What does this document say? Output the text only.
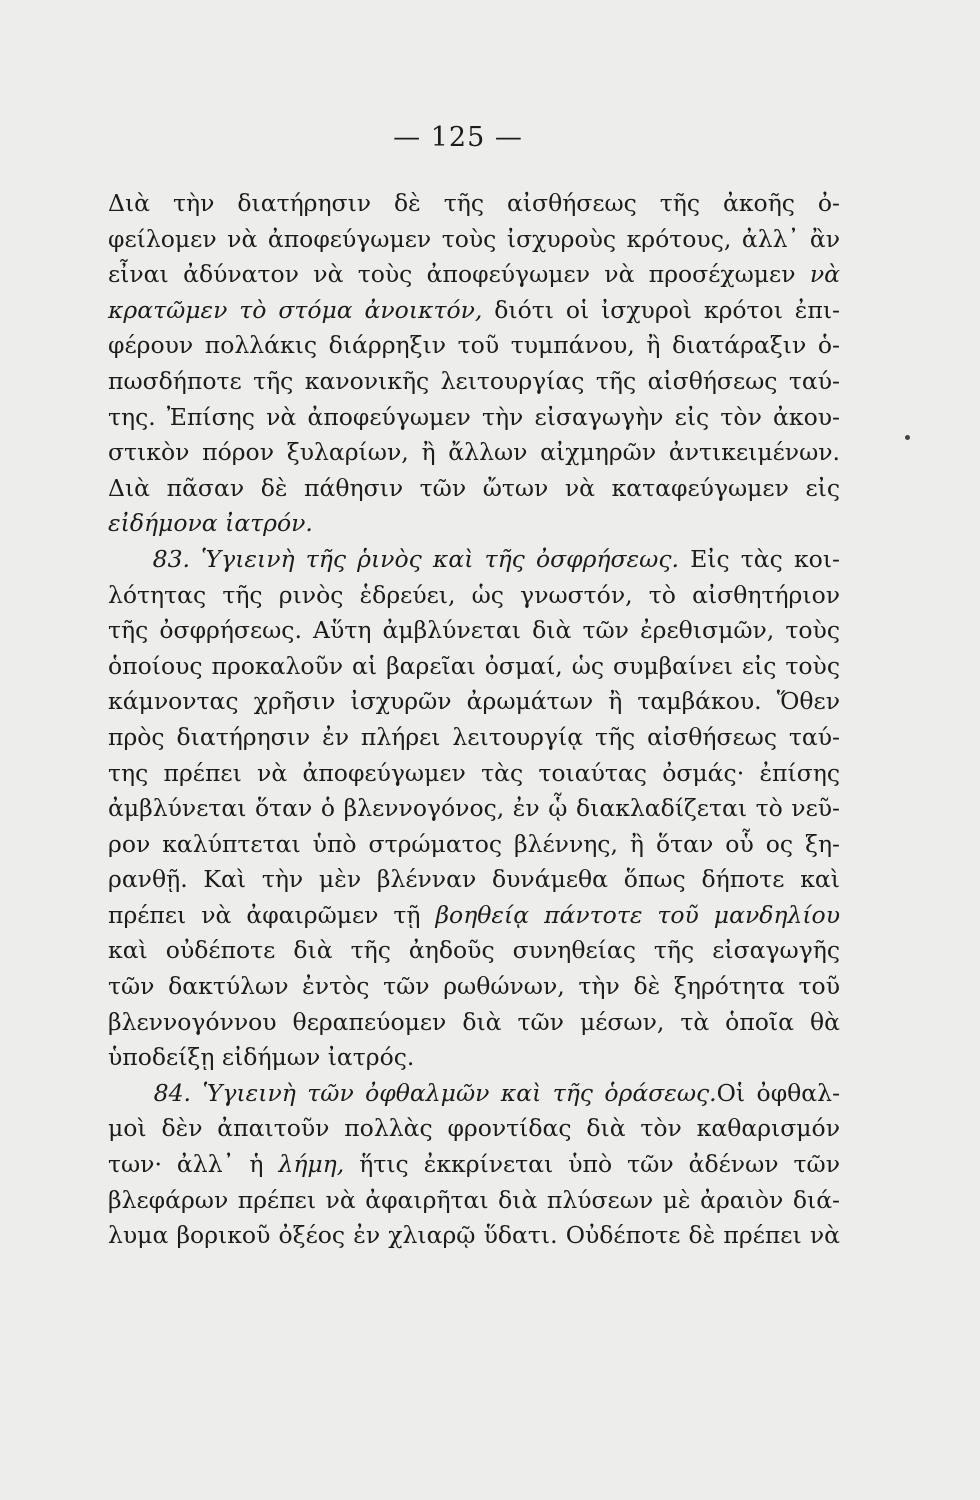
— 125 —
Διὰ τὴν διατήρησιν δὲ τῆς αἰσθήσεως τῆς ἀκοῆς ὀ-
φείλομεν νὰ ἀποφεύγωμεν τοὺς ἰσχυροὺς κρότους, ἀλλ᾿ ἂν
εἶναι ἀδύνατον νὰ τοὺς ἀποφεύγωμεν νὰ προσέχωμεν νὰ
κρατῶμεν τὸ στόμα ἀνοικτόν, διότι οἱ ἰσχυροὶ κρότοι ἐπι-
φέρουν πολλάκις διάρρηξιν τοῦ τυμπάνου, ἢ διατάραξιν ὁ-
πωσδήποτε τῆς κανονικῆς λειτουργίας τῆς αἰσθήσεως ταύ-
της. Ἐπίσης νὰ ἀποφεύγωμεν τὴν εἰσαγωγὴν εἰς τὸν ἀκου-
στικὸν πόρον ξυλαρίων, ἢ ἄλλων αἰχμηρῶν ἀντικειμένων.
Διὰ πᾶσαν δὲ πάθησιν τῶν ὤτων νὰ καταφεύγωμεν εἰς
εἰδήμονα ἰατρόν.
83. Ὑγιεινὴ τῆς ῥινὸς καὶ τῆς ὀσφρήσεως. Εἰς τὰς κοι-
λότητας τῆς ρινὸς ἑδρεύει, ὡς γνωστόν, τὸ αἰσθητήριον
τῆς ὀσφρήσεως. Αὕτη ἀμβλύνεται διὰ τῶν ἐρεθισμῶν, τοὺς
ὁποίους προκαλοῦν αἱ βαρεῖαι ὀσμαί, ὡς συμβαίνει εἰς τοὺς
κάμνοντας χρῆσιν ἰσχυρῶν ἀρωμάτων ἢ ταμβάκου. Ὅθεν
πρὸς διατήρησιν ἐν πλήρει λειτουργίᾳ τῆς αἰσθήσεως ταύ-
της πρέπει νὰ ἀποφεύγωμεν τὰς τοιαύτας ὀσμάς· ἐπίσης
ἀμβλύνεται ὅταν ὁ βλεννογόνος, ἐν ᾧ διακλαδίζεται τὸ νεῦ-
ρον καλύπτεται ὑπὸ στρώματος βλέννης, ἢ ὅταν οὗ ος ξη-
ρανθῇ. Καὶ τὴν μὲν βλένναν δυνάμεθα ὅπως δήποτε καὶ
πρέπει νὰ ἀφαιρῶμεν τῇ βοηθείᾳ πάντοτε τοῦ μανδηλίου
καὶ οὐδέποτε διὰ τῆς ἀηδοῦς συνηθείας τῆς εἰσαγωγῆς
τῶν δακτύλων ἐντὸς τῶν ρωθώνων, τὴν δὲ ξηρότητα τοῦ
βλεννογόννου θεραπεύομεν διὰ τῶν μέσων, τὰ ὁποῖα θὰ
ὑποδείξῃ εἰδήμων ἰατρός.
84. Ὑγιεινὴ τῶν ὀφθαλμῶν καὶ τῆς ὁράσεως.Οἱ ὀφθαλ-
μοὶ δὲν ἀπαιτοῦν πολλὰς φροντίδας διὰ τὸν καθαρισμόν
των· ἀλλ᾿ ἡ λήμη, ἥτις ἐκκρίνεται ὑπὸ τῶν ἀδένων τῶν
βλεφάρων πρέπει νὰ ἀφαιρῆται διὰ πλύσεων μὲ ἀραιὸν διά-
λυμα βορικοῦ ὀξέος ἐν χλιαρῷ ὕδατι. Οὐδέποτε δὲ πρέπει νὰ
